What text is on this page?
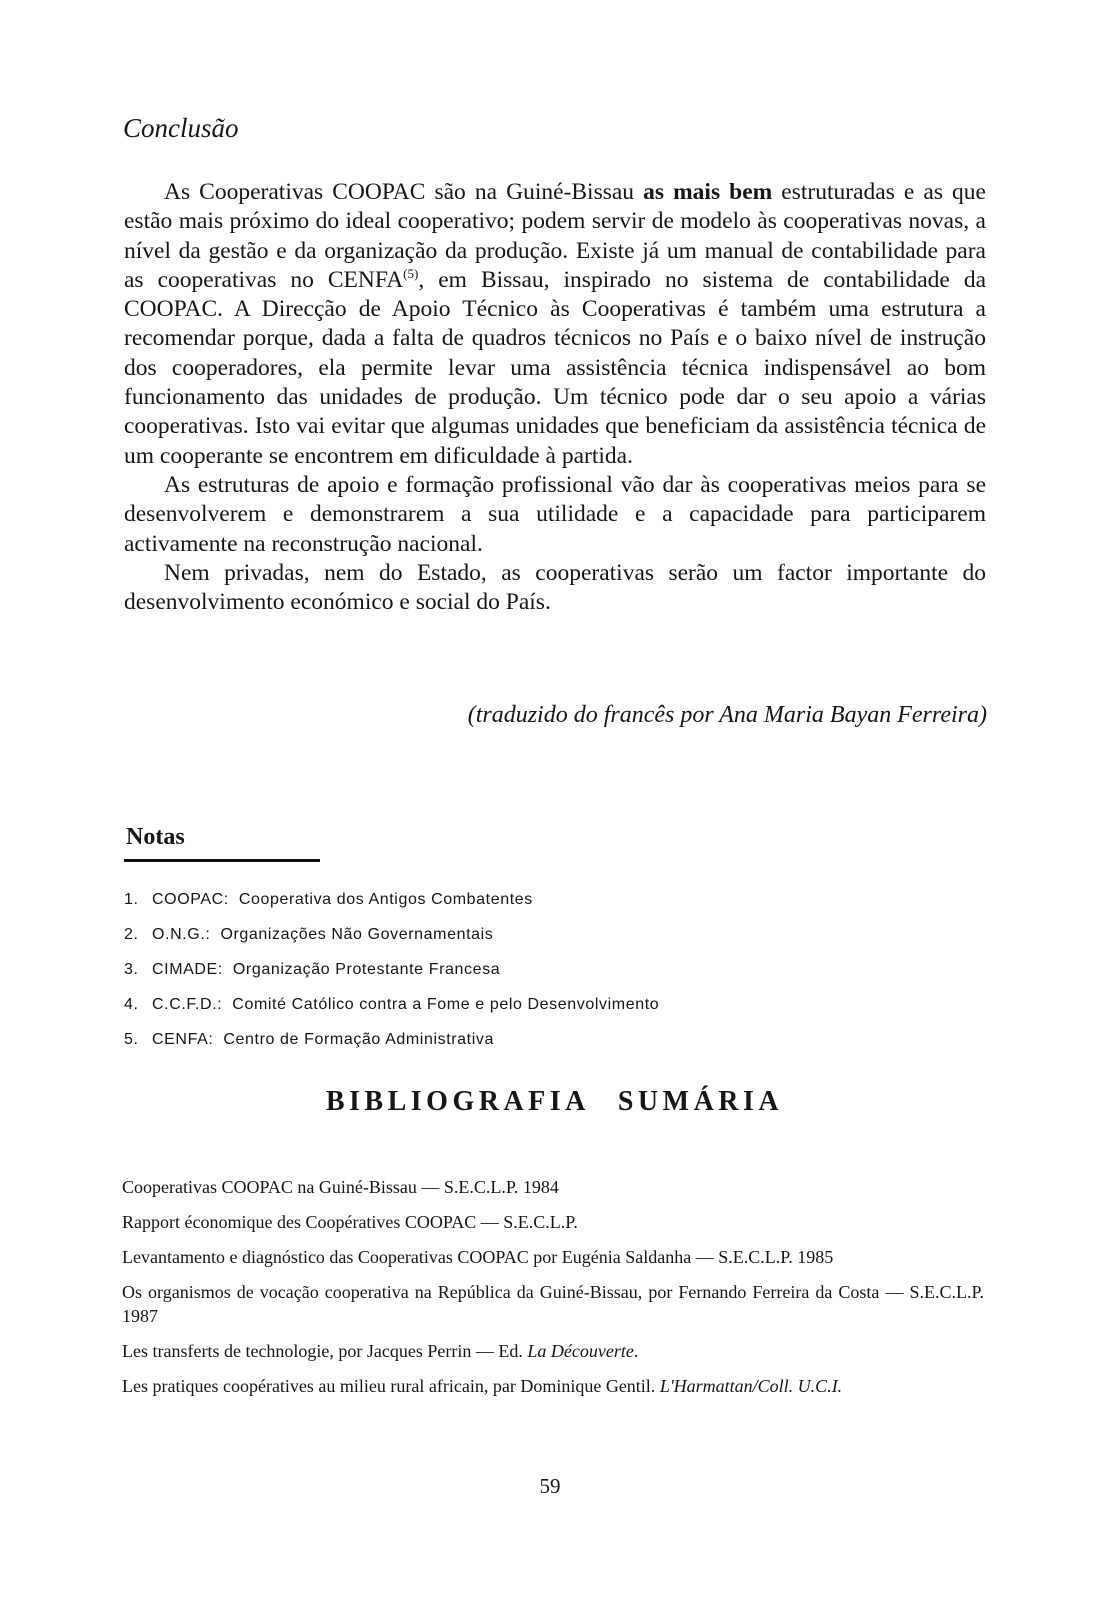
Conclusão

As Cooperativas COOPAC são na Guiné-Bissau as mais bem estruturadas e as que estão mais próximo do ideal cooperativo; podem servir de modelo às cooperativas novas, a nível da gestão e da organização da produção. Existe já um manual de contabilidade para as cooperativas no CENFA$^{(5)}$, em Bissau, inspirado no sistema de contabilidade da COOPAC. A Direcção de Apoio Técnico às Cooperativas é também uma estrutura a recomendar porque, dada a falta de quadros técnicos no País e o baixo nível de instrução dos cooperadores, ela permite levar uma assistência técnica indispensável ao bom funcionamento das unidades de produção. Um técnico pode dar o seu apoio a várias cooperativas. Isto vai evitar que algumas unidades que beneficiam da assistência técnica de um cooperante se encontrem em dificuldade à partida.

As estruturas de apoio e formação profissional vão dar às cooperativas meios para se desenvolverem e demonstrarem a sua utilidade e a capacidade para participarem activamente na reconstrução nacional.

Nem privadas, nem do Estado, as cooperativas serão um factor importante do desenvolvimento económico e social do País.

(traduzido do francês por Ana Maria Bayan Ferreira)

Notas
1. COOPAC: Cooperativa dos Antigos Combatentes
2. O.N.G.: Organizações Não Governamentais
3. CIMADE: Organização Protestante Francesa
4. C.C.F.D.: Comité Católico contra a Fome e pelo Desenvolvimento
5. CENFA: Centro de Formação Administrativa
BIBLIOGRAFIA SUMÁRIA
Cooperativas COOPAC na Guiné-Bissau — S.E.C.L.P. 1984
Rapport économique des Coopératives COOPAC — S.E.C.L.P.
Levantamento e diagnóstico das Cooperativas COOPAC por Eugénia Saldanha — S.E.C.L.P. 1985
Os organismos de vocação cooperativa na República da Guiné-Bissau, por Fernando Ferreira da Costa — S.E.C.L.P. 1987
Les transferts de technologie, por Jacques Perrin — Ed. La Découverte.
Les pratiques coopératives au milieu rural africain, par Dominique Gentil. L'Harmattan/Coll. U.C.I.

59
